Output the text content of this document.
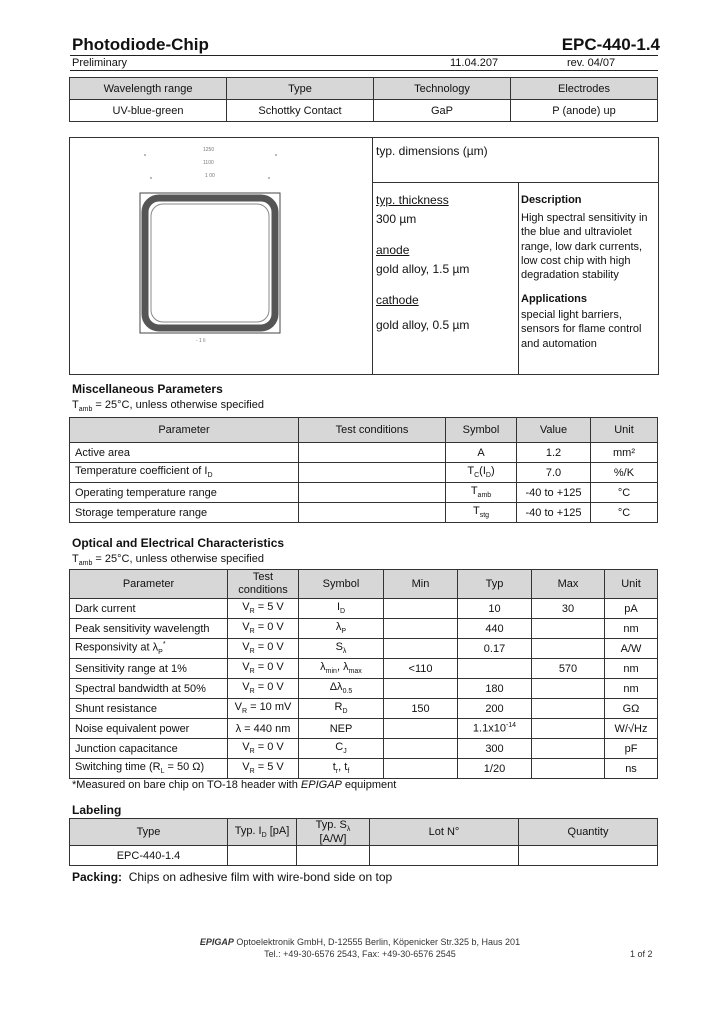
Photodiode-Chip	EPC-440-1.4
Preliminary	11.04.207	rev. 04/07
Wavelength range	Type	Technology	Electrodes
UV-blue-green	Schottky Contact	GaP	P (anode) up
1250
1100
1 00
- 1 li
typ. dimensions (µm)
typ. thickness
300 µm
anode
gold alloy, 1.5 µm
cathode
gold alloy, 0.5 µm
Description
High spectral sensitivity in the blue and ultraviolet range, low dark currents, low cost chip with high degradation stability
Applications
special light barriers, sensors for flame control and automation
Miscellaneous Parameters
$T_{amb} = 25^\circ C$, unless otherwise specified
Parameter	Test conditions	Symbol	Value	Unit
Active area		A	1.2	mm²
Temperature coefficient of $I_D$		$T_C(I_D)$	7.0	%/K
Operating temperature range		$T_{amb}$	-40 to +125	°C
Storage temperature range		$T_{stg}$	-40 to +125	°C
Optical and Electrical Characteristics
$T_{amb} = 25^\circ C$, unless otherwise specified
Parameter	Test conditions	Symbol	Min	Typ	Max	Unit
Dark current	$V_R = 5$ V	$I_D$		10	30	pA
Peak sensitivity wavelength	$V_R = 0$ V	$\lambda_P$		440		nm
Responsivity at $\lambda_P^*$	$V_R = 0$ V	$S_\lambda$		0.17		A/W
Sensitivity range at 1%	$V_R = 0$ V	$\lambda_{min}$, $\lambda_{max}$	<110		570	nm
Spectral bandwidth at 50%	$V_R = 0$ V	$\Delta\lambda_{0.5}$		180		nm
Shunt resistance	$V_R = 10$ mV	$R_D$	150	200		GΩ
Noise equivalent power	λ = 440 nm	NEP		$1.1x10^{-14}$		W/√Hz
Junction capacitance	$V_R = 0$ V	$C_J$		300		pF
Switching time ($R_L = 50$ Ω)	$V_R = 5$ V	$t_r$, $t_f$		1/20		ns
*Measured on bare chip on TO-18 header with EPIGAP equipment
Labeling
Type	Typ. $I_D$ [pA]	Typ. $S_\lambda$ [A/W]	Lot N°	Quantity
EPC-440-1.4				
Packing: Chips on adhesive film with wire-bond side on top
EPIGAP Optoelektronik GmbH, D-12555 Berlin, Köpenicker Str.325 b, Haus 201
Tel.: +49-30-6576 2543, Fax: +49-30-6576 2545	1 of 2
